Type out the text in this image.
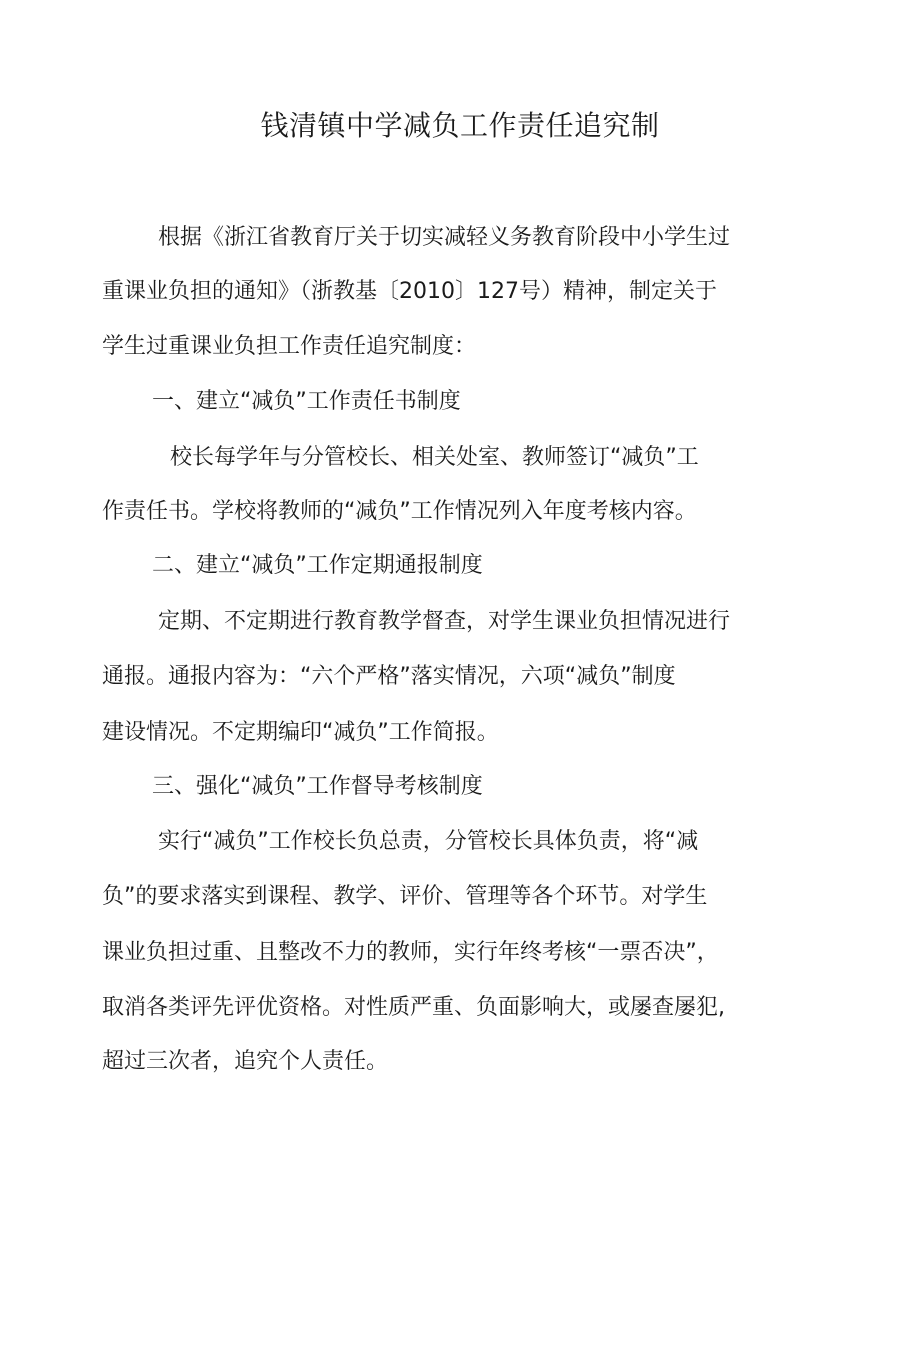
钱清镇中学减负工作责任追究制
根据《浙江省教育厅关于切实减轻义务教育阶段中小学生过
重课业负担的通知》（浙教基〔2010〕127号）精神，制定关于
学生过重课业负担工作责任追究制度：
一、建立“减负”工作责任书制度
校长每学年与分管校长、相关处室、教师签订“减负”工
作责任书。学校将教师的“减负”工作情况列入年度考核内容。
二、建立“减负”工作定期通报制度
定期、不定期进行教育教学督查，对学生课业负担情况进行
通报。通报内容为：“六个严格”落实情况，六项“减负”制度
建设情况。不定期编印“减负”工作简报。
三、强化“减负”工作督导考核制度
实行“减负”工作校长负总责，分管校长具体负责，将“减
负”的要求落实到课程、教学、评价、管理等各个环节。对学生
课业负担过重、且整改不力的教师，实行年终考核“一票否决”，
取消各类评先评优资格。对性质严重、负面影响大，或屡查屡犯,
超过三次者，追究个人责任。
